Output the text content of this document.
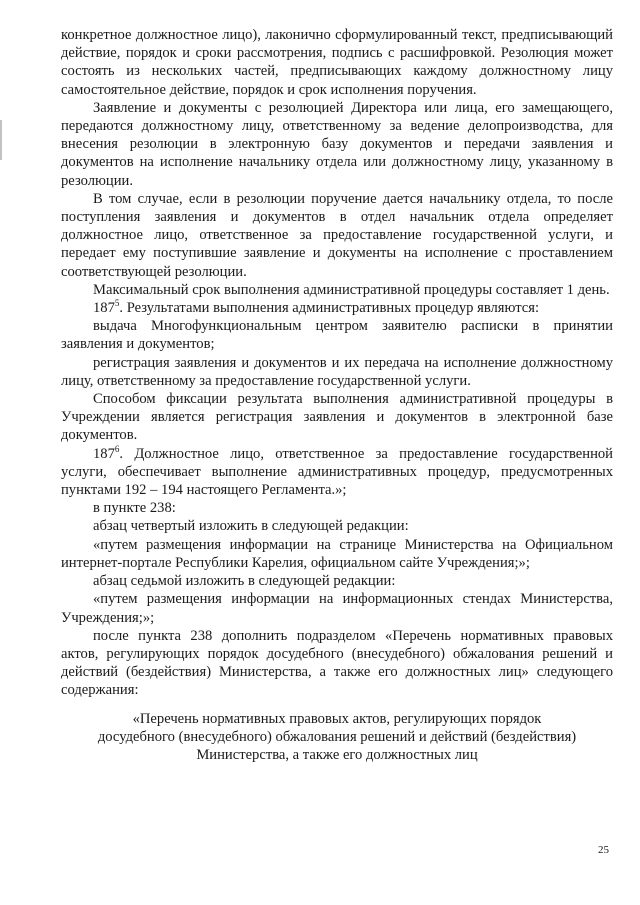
конкретное должностное лицо), лаконично сформулированный текст, предписывающий действие, порядок и сроки рассмотрения, подпись с расшифровкой. Резолюция может состоять из нескольких частей, предписывающих каждому должностному лицу самостоятельное действие, порядок и срок исполнения поручения.

Заявление и документы с резолюцией Директора или лица, его замещающего, передаются должностному лицу, ответственному за ведение делопроизводства, для внесения резолюции в электронную базу документов и передачи заявления и документов на исполнение начальнику отдела или должностному лицу, указанному в резолюции.

В том случае, если в резолюции поручение дается начальнику отдела, то после поступления заявления и документов в отдел начальник отдела определяет должностное лицо, ответственное за предоставление государственной услуги, и передает ему поступившие заявление и документы на исполнение с проставлением соответствующей резолюции.

Максимальный срок выполнения административной процедуры составляет 1 день.

$187^5$. Результатами выполнения административных процедур являются:

выдача Многофункциональным центром заявителю расписки в принятии заявления и документов;

регистрация заявления и документов и их передача на исполнение должностному лицу, ответственному за предоставление государственной услуги.

Способом фиксации результата выполнения административной процедуры в Учреждении является регистрация заявления и документов в электронной базе документов.

$187^6$. Должностное лицо, ответственное за предоставление государственной услуги, обеспечивает выполнение административных процедур, предусмотренных пунктами 192 – 194 настоящего Регламента.»;

в пункте 238:

абзац четвертый изложить в следующей редакции:

«путем размещения информации на странице Министерства на Официальном интернет-портале Республики Карелия, официальном сайте Учреждения;»;

абзац седьмой изложить в следующей редакции:

«путем размещения информации на информационных стендах Министерства, Учреждения;»;

после пункта 238 дополнить подразделом «Перечень нормативных правовых актов, регулирующих порядок досудебного (внесудебного) обжалования решений и действий (бездействия) Министерства, а также его должностных лиц» следующего содержания:

«Перечень нормативных правовых актов, регулирующих порядок
досудебного (внесудебного) обжалования решений и действий (бездействия)
Министерства, а также его должностных лиц
25
